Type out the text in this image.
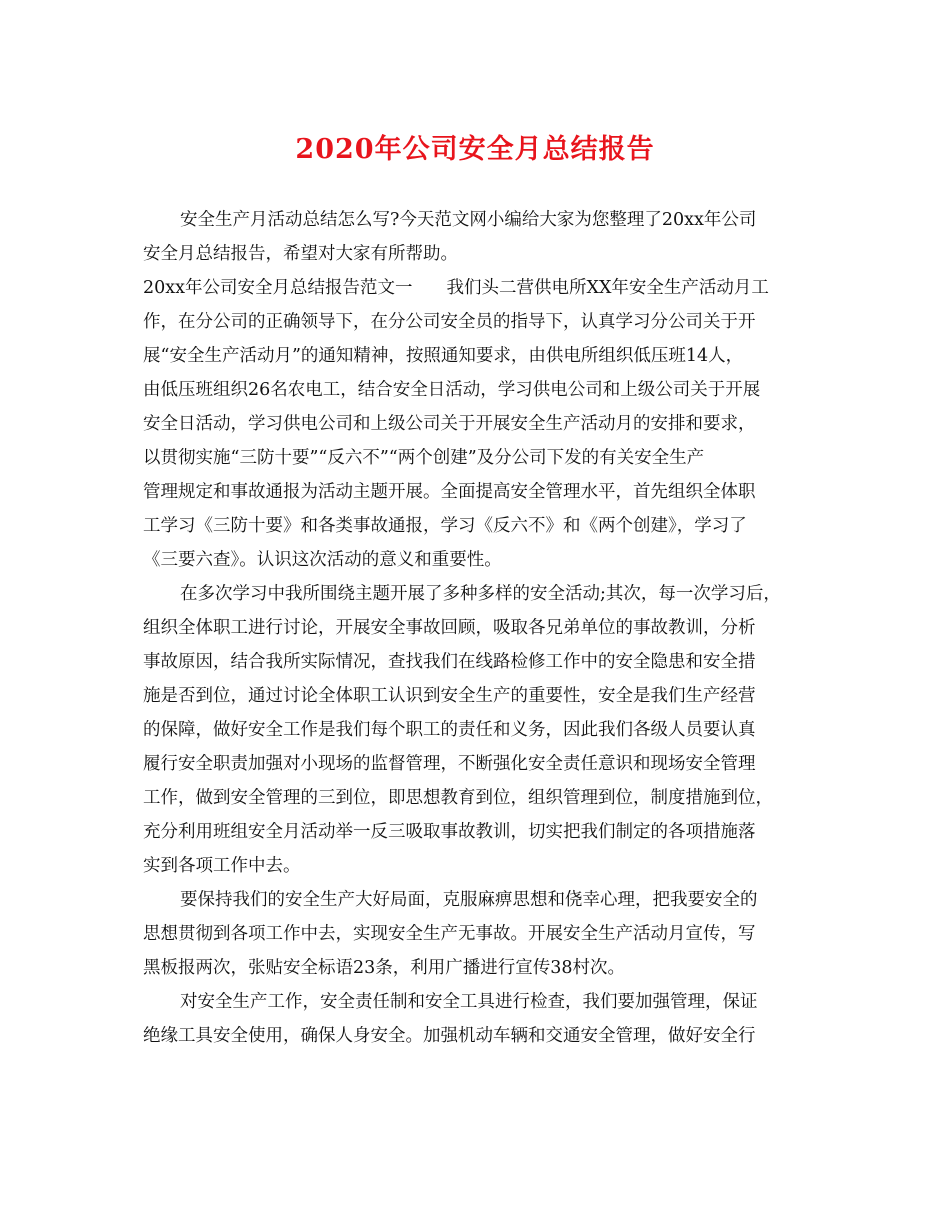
2020年公司安全月总结报告
安全生产月活动总结怎么写?今天范文网小编给大家为您整理了20xx年公司
安全月总结报告，希望对大家有所帮助。
20xx年公司安全月总结报告范文一 我们头二营供电所XX年安全生产活动月工
作，在分公司的正确领导下，在分公司安全员的指导下，认真学习分公司关于开
展“安全生产活动月”的通知精神，按照通知要求，由供电所组织低压班14人，
由低压班组织26名农电工，结合安全日活动，学习供电公司和上级公司关于开展
安全日活动，学习供电公司和上级公司关于开展安全生产活动月的安排和要求，
以贯彻实施“三防十要”“反六不”“两个创建”及分公司下发的有关安全生产
管理规定和事故通报为活动主题开展。全面提高安全管理水平，首先组织全体职
工学习《三防十要》和各类事故通报，学习《反六不》和《两个创建》，学习了
《三要六查》。认识这次活动的意义和重要性。
在多次学习中我所围绕主题开展了多种多样的安全活动;其次，每一次学习后，
组织全体职工进行讨论，开展安全事故回顾，吸取各兄弟单位的事故教训，分析
事故原因，结合我所实际情况，查找我们在线路检修工作中的安全隐患和安全措
施是否到位，通过讨论全体职工认识到安全生产的重要性，安全是我们生产经营
的保障，做好安全工作是我们每个职工的责任和义务，因此我们各级人员要认真
履行安全职责加强对小现场的监督管理，不断强化安全责任意识和现场安全管理
工作，做到安全管理的三到位，即思想教育到位，组织管理到位，制度措施到位，
充分利用班组安全月活动举一反三吸取事故教训，切实把我们制定的各项措施落
实到各项工作中去。
要保持我们的安全生产大好局面，克服麻痹思想和侥幸心理，把我要安全的
思想贯彻到各项工作中去，实现安全生产无事故。开展安全生产活动月宣传，写
黑板报两次，张贴安全标语23条，利用广播进行宣传38村次。
对安全生产工作，安全责任制和安全工具进行检查，我们要加强管理，保证
绝缘工具安全使用，确保人身安全。加强机动车辆和交通安全管理，做好安全行
